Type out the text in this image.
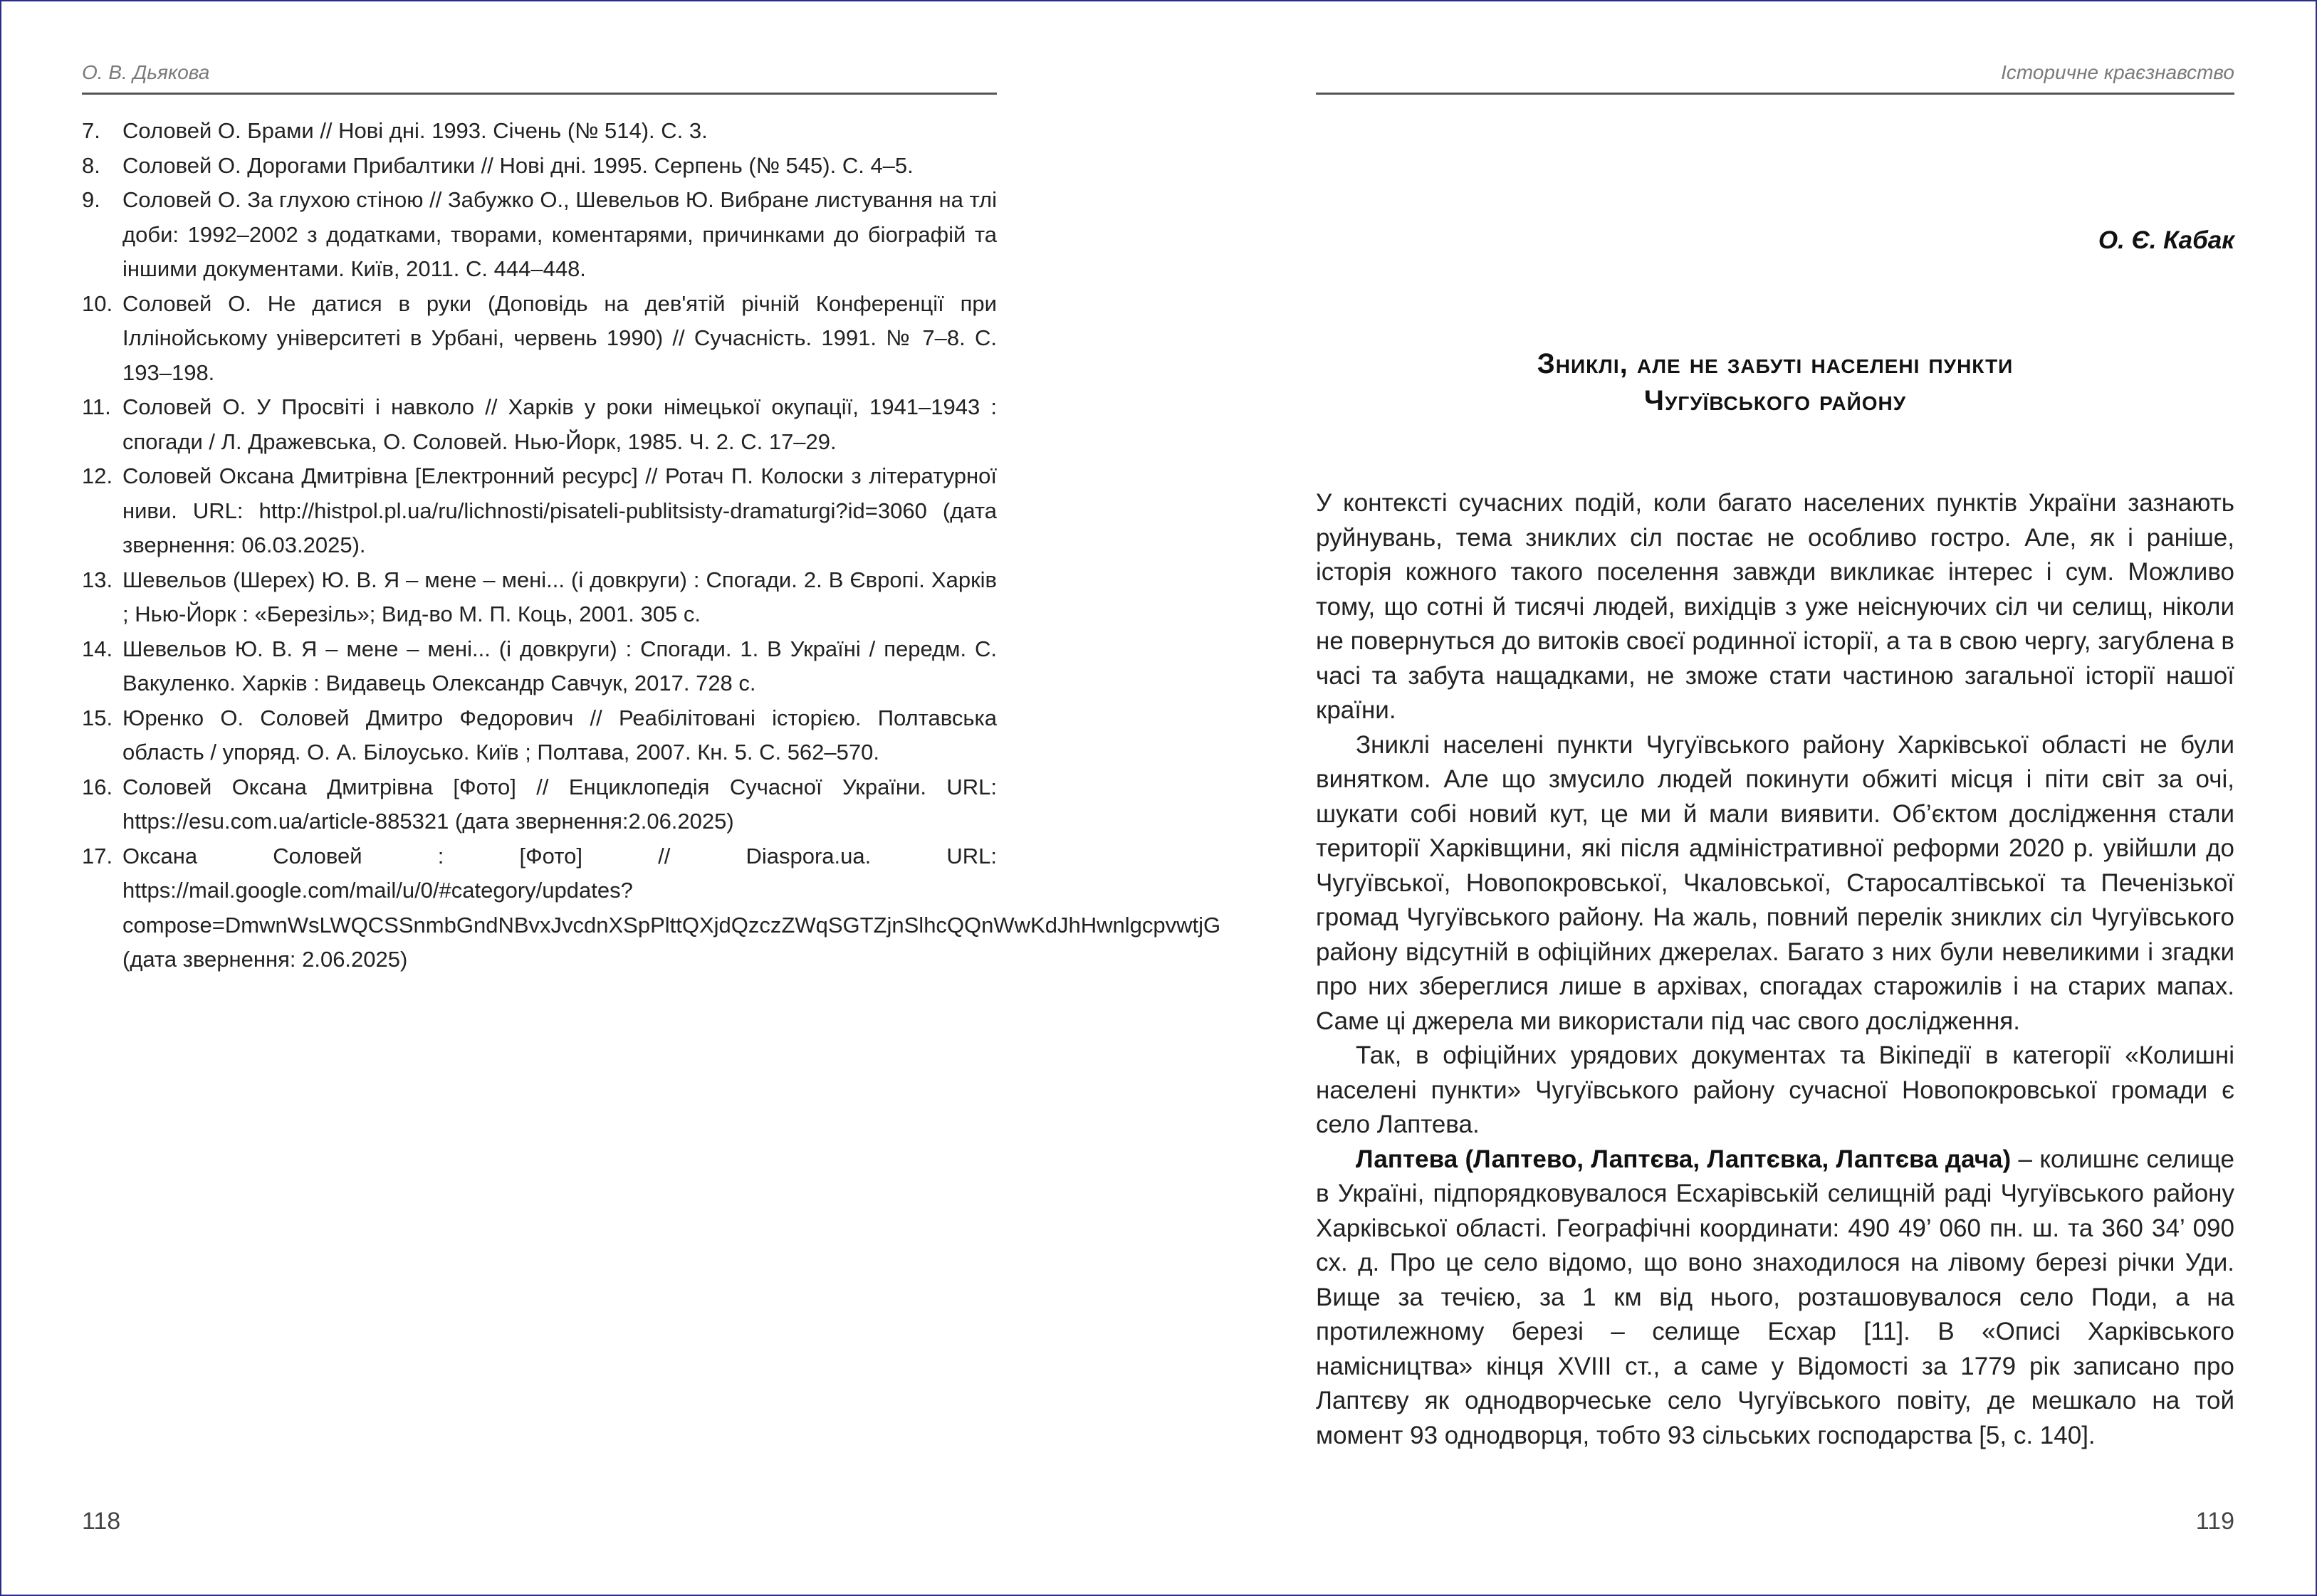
О. В. Дьякова
7. Соловей О. Брами // Нові дні. 1993. Січень (№ 514). С. 3.
8. Соловей О. Дорогами Прибалтики // Нові дні. 1995. Серпень (№ 545). С. 4–5.
9. Соловей О. За глухою стіною // Забужко О., Шевельов Ю. Вибране листування на тлі доби: 1992–2002 з додатками, творами, коментарями, причинками до біографій та іншими документами. Київ, 2011. С. 444–448.
10. Соловей О. Не датися в руки (Доповідь на дев'ятій річній Конференції при Іллінойському університеті в Урбані, червень 1990) // Сучасність. 1991. № 7–8. С. 193–198.
11. Соловей О. У Просвіті і навколо // Харків у роки німецької окупації, 1941–1943 : спогади / Л. Дражевська, О. Соловей. Нью-Йорк, 1985. Ч. 2. С. 17–29.
12. Соловей Оксана Дмитрівна [Електронний ресурс] // Ротач П. Колоски з літературної ниви. URL: http://histpol.pl.ua/ru/lichnosti/pisateli-publitsisty-dramaturgi?id=3060 (дата звернення: 06.03.2025).
13. Шевельов (Шерех) Ю. В. Я – мене – мені... (і довкруги) : Спогади. 2. В Європі. Харків ; Нью-Йорк : «Березіль»; Вид-во М. П. Коць, 2001. 305 с.
14. Шевельов Ю. В. Я – мене – мені... (і довкруги) : Спогади. 1. В Україні / передм. С. Вакуленко. Харків : Видавець Олександр Савчук, 2017. 728 с.
15. Юренко О. Соловей Дмитро Федорович // Реабілітовані історією. Полтавська область / упоряд. О. А. Білоусько. Київ ; Полтава, 2007. Кн. 5. С. 562–570.
16. Соловей Оксана Дмитрівна [Фото] // Енциклопедія Сучасної України. URL: https://esu.com.ua/article-885321 (дата звернення:2.06.2025)
17. Оксана Соловей : [Фото] // Diaspora.ua. URL: https://mail.google.com/mail/u/0/#category/updates?compose=DmwnWsLWQCSSnmbGndNBvxJvcdnXSpPlttQXjdQzczZWqSGTZjnSlhcQQnWwKdJhHwnlgcpvwtjG (дата звернення: 2.06.2025)
118
Історичне краєзнавство
О. Є. Кабак
Зниклі, але не забуті населені пункти
Чугуївського району

У контексті сучасних подій, коли багато населених пунктів України зазнають руйнувань, тема зниклих сіл постає не особливо гостро. Але, як і раніше, історія кожного такого поселення завжди викликає інтерес і сум. Можливо тому, що сотні й тисячі людей, вихідців з уже неіснуючих сіл чи селищ, ніколи не повернуться до витоків своєї родинної історії, а та в свою чергу, загублена в часі та забута нащадками, не зможе стати частиною загальної історії нашої країни.

Зниклі населені пункти Чугуївського району Харківської області не були винятком. Але що змусило людей покинути обжиті місця і піти світ за очі, шукати собі новий кут, це ми й мали виявити. Об’єктом дослідження стали території Харківщини, які після адміністративної реформи 2020 р. увійшли до Чугуївської, Новопокровської, Чкаловської, Старосалтівської та Печенізької громад Чугуївського району. На жаль, повний перелік зниклих сіл Чугуївського району відсутній в офіційних джерелах. Багато з них були невеликими і згадки про них збереглися лише в архівах, спогадах старожилів і на старих мапах. Саме ці джерела ми використали під час свого дослідження.

Так, в офіційних урядових документах та Вікіпедії в категорії «Колишні населені пункти» Чугуївського району сучасної Новопокровської громади є село Лаптева.

Лаптева (Лаптево, Лаптєва, Лаптєвка, Лаптєва дача) – колишнє селище в Україні, підпорядковувалося Есхарівській селищній раді Чугуївського району Харківської області. Географічні координати: 490 49’ 060 пн. ш. та 360 34’ 090 сх. д. Про це село відомо, що воно знаходилося на лівому березі річки Уди. Вище за течією, за 1 км від нього, розташовувалося село Поди, а на протилежному березі – селище Есхар [11]. В «Описі Харківського намісництва» кінця XVIII ст., а саме у Відомості за 1779 рік записано про Лаптєву як однодворчеське село Чугуївського повіту, де мешкало на той момент 93 однодворця, тобто 93 сільських господарства [5, с. 140].

119
